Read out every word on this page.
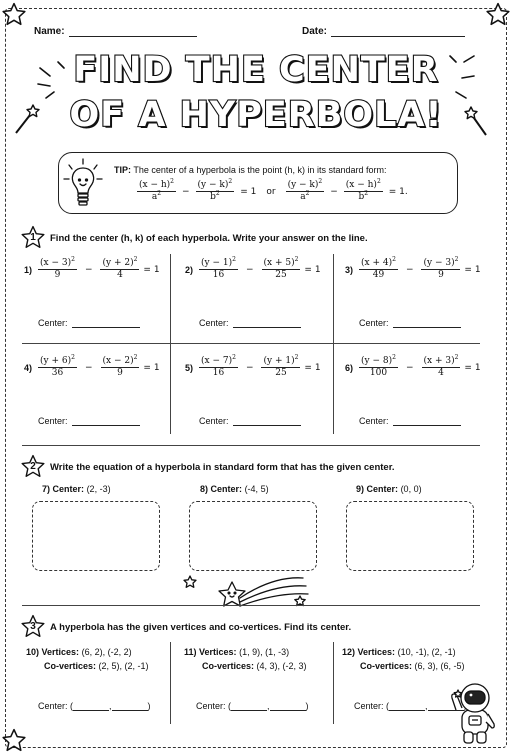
Name:	Date:
FIND THE CENTER
OF A HYPERBOLA!
TIP: The center of a hyperbola is the point (h, k) in its standard form:
$\frac{(x - h)^2}{a^2} - \frac{(y - k)^2}{b^2} = 1$ or $\frac{(y - k)^2}{a^2} - \frac{(x - h)^2}{b^2} = 1$.
1	Find the center (h, k) of each hyperbola. Write your answer on the line.
$1) \frac{(x - 3)^2}{9} - \frac{(y + 2)^2}{4} = 1$
Center:
$2) \frac{(y - 1)^2}{16} - \frac{(x + 5)^2}{25} = 1$
Center:
$3) \frac{(x + 4)^2}{49} - \frac{(y - 3)^2}{9} = 1$
Center:
$4) \frac{(y + 6)^2}{36} - \frac{(x - 2)^2}{9} = 1$
Center:
$5) \frac{(x - 7)^2}{16} - \frac{(y + 1)^2}{25} = 1$
Center:
$6) \frac{(y - 8)^2}{100} - \frac{(x + 3)^2}{4} = 1$
Center:
2	Write the equation of a hyperbola in standard form that has the given center.
7) Center: (2, -3)	8) Center: (-4, 5)	9) Center: (0, 0)
3	A hyperbola has the given vertices and co-vertices. Find its center.
10) Vertices: (6, 2), (-2, 2)
Co-vertices: (2, 5), (2, -1)
Center: (	,	)
11) Vertices: (1, 9), (1, -3)
Co-vertices: (4, 3), (-2, 3)
Center: (	,	)
12) Vertices: (10, -1), (2, -1)
Co-vertices: (6, 3), (6, -5)
Center: (	,
